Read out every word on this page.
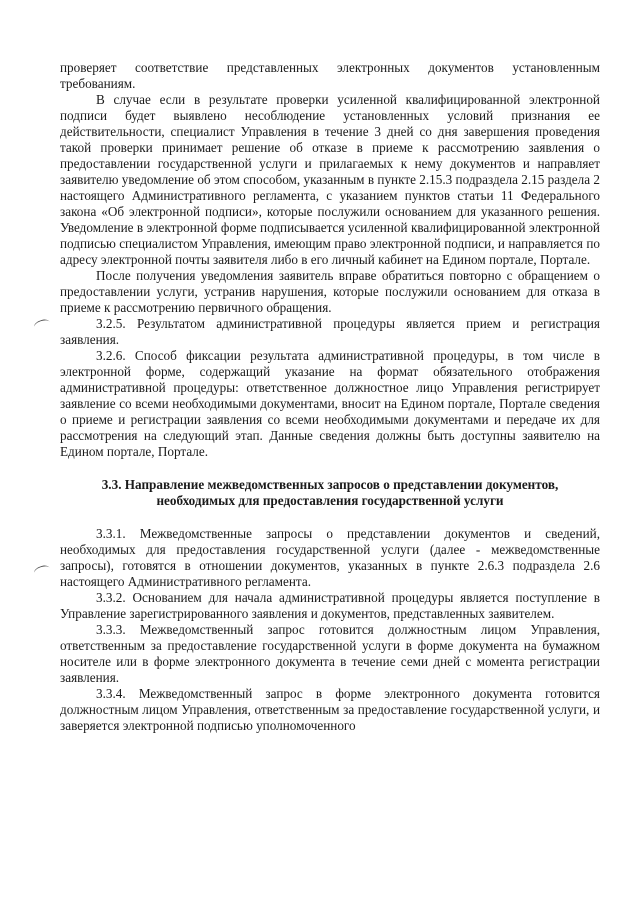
проверяет соответствие представленных электронных документов установленным требованиям.

В случае если в результате проверки усиленной квалифицированной электронной подписи будет выявлено несоблюдение установленных условий признания ее действительности, специалист Управления в течение 3 дней со дня завершения проведения такой проверки принимает решение об отказе в приеме к рассмотрению заявления о предоставлении государственной услуги и прилагаемых к нему документов и направляет заявителю уведомление об этом способом, указанным в пункте 2.15.3 подраздела 2.15 раздела 2 настоящего Административного регламента, с указанием пунктов статьи 11 Федерального закона «Об электронной подписи», которые послужили основанием для указанного решения. Уведомление в электронной форме подписывается усиленной квалифицированной электронной подписью специалистом Управления, имеющим право электронной подписи, и направляется по адресу электронной почты заявителя либо в его личный кабинет на Едином портале, Портале.

После получения уведомления заявитель вправе обратиться повторно с обращением о предоставлении услуги, устранив нарушения, которые послужили основанием для отказа в приеме к рассмотрению первичного обращения.

3.2.5. Результатом административной процедуры является прием и регистрация заявления.

3.2.6. Способ фиксации результата административной процедуры, в том числе в электронной форме, содержащий указание на формат обязательного отображения административной процедуры: ответственное должностное лицо Управления регистрирует заявление со всеми необходимыми документами, вносит на Едином портале, Портале сведения о приеме и регистрации заявления со всеми необходимыми документами и передаче их для рассмотрения на следующий этап. Данные сведения должны быть доступны заявителю на Едином портале, Портале.

3.3. Направление межведомственных запросов о представлении документов,
необходимых для предоставления государственной услуги

3.3.1. Межведомственные запросы о представлении документов и сведений, необходимых для предоставления государственной услуги (далее - межведомственные запросы), готовятся в отношении документов, указанных в пункте 2.6.3 подраздела 2.6 настоящего Административного регламента.

3.3.2. Основанием для начала административной процедуры является поступление в Управление зарегистрированного заявления и документов, представленных заявителем.

3.3.3. Межведомственный запрос готовится должностным лицом Управления, ответственным за предоставление государственной услуги в форме документа на бумажном носителе или в форме электронного документа в течение семи дней с момента регистрации заявления.

3.3.4. Межведомственный запрос в форме электронного документа готовится должностным лицом Управления, ответственным за предоставление государственной услуги, и заверяется электронной подписью уполномоченного
